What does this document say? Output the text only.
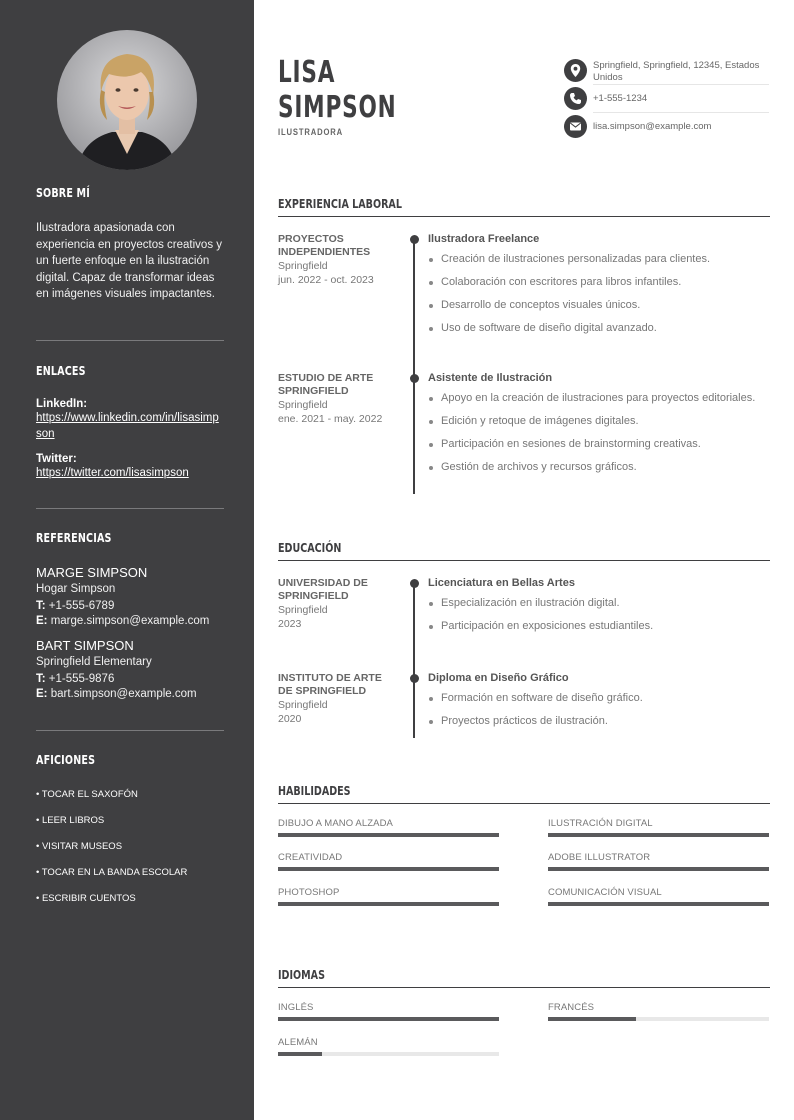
SOBRE MÍ
Ilustradora apasionada con experiencia en proyectos creativos y un fuerte enfoque en la ilustración digital. Capaz de transformar ideas en imágenes visuales impactantes.
ENLACES
LinkedIn:
https://www.linkedin.com/in/lisasimpson
Twitter:
https://twitter.com/lisasimpson
REFERENCIAS
MARGE SIMPSON
Hogar Simpson
T: +1-555-6789
E: marge.simpson@example.com
BART SIMPSON
Springfield Elementary
T: +1-555-9876
E: bart.simpson@example.com
AFICIONES
• TOCAR EL SAXOFÓN
• LEER LIBROS
• VISITAR MUSEOS
• TOCAR EN LA BANDA ESCOLAR
• ESCRIBIR CUENTOS
LISA
SIMPSON
ILUSTRADORA
Springfield, Springfield, 12345, Estados Unidos
+1-555-1234
lisa.simpson@example.com
EXPERIENCIA LABORAL
PROYECTOS INDEPENDIENTES
Springfield
jun. 2022 - oct. 2023
Ilustradora Freelance
Creación de ilustraciones personalizadas para clientes.
Colaboración con escritores para libros infantiles.
Desarrollo de conceptos visuales únicos.
Uso de software de diseño digital avanzado.
ESTUDIO DE ARTE SPRINGFIELD
Springfield
ene. 2021 - may. 2022
Asistente de Ilustración
Apoyo en la creación de ilustraciones para proyectos editoriales.
Edición y retoque de imágenes digitales.
Participación en sesiones de brainstorming creativas.
Gestión de archivos y recursos gráficos.
EDUCACIÓN
UNIVERSIDAD DE SPRINGFIELD
Springfield
2023
Licenciatura en Bellas Artes
Especialización en ilustración digital.
Participación en exposiciones estudiantiles.
INSTITUTO DE ARTE DE SPRINGFIELD
Springfield
2020
Diploma en Diseño Gráfico
Formación en software de diseño gráfico.
Proyectos prácticos de ilustración.
HABILIDADES
DIBUJO A MANO ALZADA	ILUSTRACIÓN DIGITAL
CREATIVIDAD	ADOBE ILLUSTRATOR
PHOTOSHOP	COMUNICACIÓN VISUAL
IDIOMAS
INGLÉS	FRANCÉS
ALEMÁN
